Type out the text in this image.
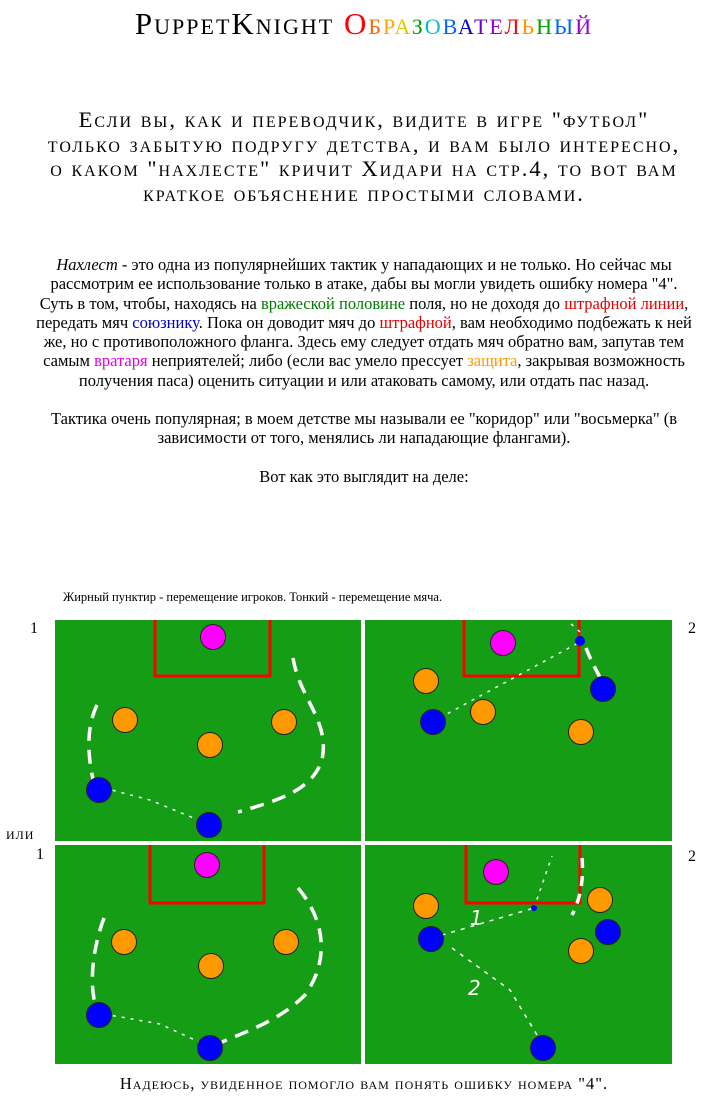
PuppetKnight Образовательный
Если вы, как и переводчик, видите в игре "футбол"
только забытую подругу детства, и вам было интересно,
о каком "нахлесте" кричит Хидари на стр.4, то вот вам
краткое объяснение простыми словами.

Нахлест - это одна из популярнейших тактик у нападающих и не только. Но сейчас мы рассмотрим ее использование только в атаке, дабы вы могли увидеть ошибку номера "4".

Суть в том, чтобы, находясь на вражеской половине поля, но не доходя до штрафной линии, передать мяч союзнику. Пока он доводит мяч до штрафной, вам необходимо подбежать к ней же, но с противоположного фланга. Здесь ему следует отдать мяч обратно вам, запутав тем самым вратаря неприятелей; либо (если вас умело прессует защита, закрывая возможность получения паса) оценить ситуации и или атаковать самому, или отдать пас назад.

Тактика очень популярная; в моем детстве мы называли ее "коридор" или "восьмерка" (в зависимости от того, менялись ли нападающие флангами).

Вот как это выглядит на деле:

Жирный пунктир - перемещение игроков. Тонкий - перемещение мяча.
1	2
или
1	2
1
2
Надеюсь, увиденное помогло вам понять ошибку номера "4".
